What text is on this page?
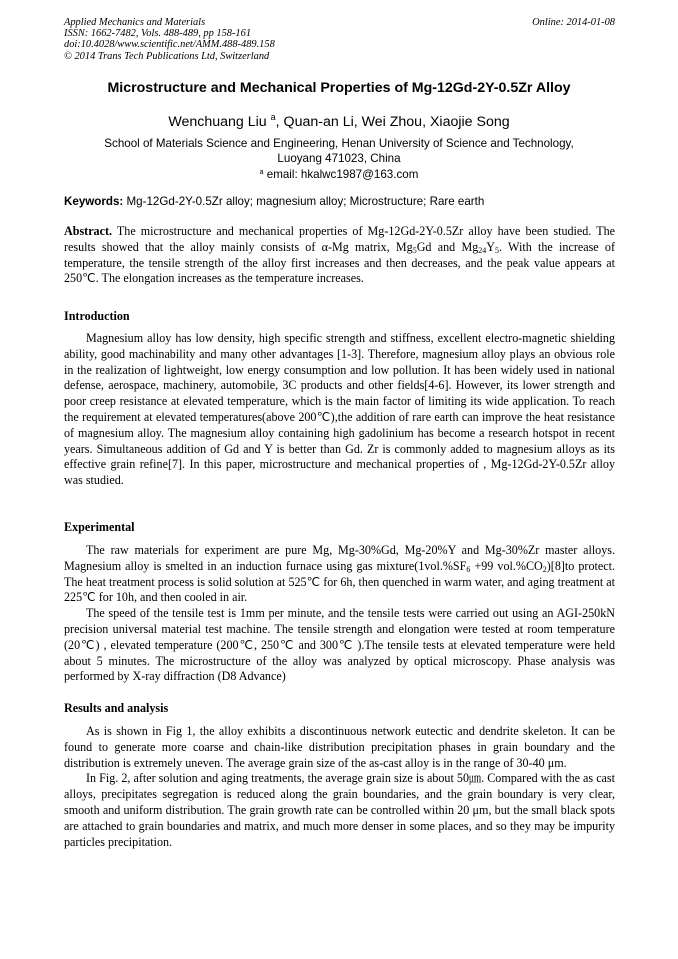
Applied Mechanics and Materials
ISSN: 1662-7482, Vols. 488-489, pp 158-161
doi:10.4028/www.scientific.net/AMM.488-489.158
© 2014 Trans Tech Publications Ltd, Switzerland
Online: 2014-01-08
Microstructure and Mechanical Properties of Mg-12Gd-2Y-0.5Zr Alloy
Wenchuang Liu $^a$, Quan-an Li, Wei Zhou, Xiaojie Song
School of Materials Science and Engineering, Henan University of Science and Technology,
Luoyang 471023, China
$^a$ email: hkalwc1987@163.com
Keywords: Mg-12Gd-2Y-0.5Zr alloy; magnesium alloy; Microstructure; Rare earth

Abstract. The microstructure and mechanical properties of Mg-12Gd-2Y-0.5Zr alloy have been studied. The results showed that the alloy mainly consists of α-Mg matrix, $Mg_5Gd$ and $Mg_{24}Y_5$. With the increase of temperature, the tensile strength of the alloy first increases and then decreases, and the peak value appears at 250℃. The elongation increases as the temperature increases.

Introduction

Magnesium alloy has low density, high specific strength and stiffness, excellent electro-magnetic shielding ability, good machinability and many other advantages [1-3]. Therefore, magnesium alloy plays an obvious role in the realization of lightweight, low energy consumption and low pollution. It has been widely used in national defense, aerospace, machinery, automobile, 3C products and other fields[4-6]. However, its lower strength and poor creep resistance at elevated temperature, which is the main factor of limiting its wide application. To reach the requirement at elevated temperatures(above 200℃),the addition of rare earth can improve the heat resistance of magnesium alloy. The magnesium alloy containing high gadolinium has become a research hotspot in recent years. Simultaneous addition of Gd and Y is better than Gd. Zr is commonly added to magnesium alloys as its effective grain refine[7]. In this paper, microstructure and mechanical properties of , Mg-12Gd-2Y-0.5Zr alloy was studied.

Experimental

The raw materials for experiment are pure Mg, Mg-30%Gd, Mg-20%Y and Mg-30%Zr master alloys. Magnesium alloy is smelted in an induction furnace using gas $mixture(1vol.\%SF_6 +99$ $vol.\%CO_2)[8]to$ protect. The heat treatment process is solid solution at 525℃ for 6h, then quenched in warm water, and aging treatment at 225℃ for 10h, and then cooled in air.

The speed of the tensile test is 1mm per minute, and the tensile tests were carried out using an AGI-250kN precision universal material test machine. The tensile strength and elongation were tested at room temperature (20℃) , elevated temperature (200℃, 250℃ and 300℃ ).The tensile tests at elevated temperature were held about 5 minutes. The microstructure of the alloy was analyzed by optical microscopy. Phase analysis was performed by X-ray diffraction (D8 Advance)

Results and analysis

As is shown in Fig 1, the alloy exhibits a discontinuous network eutectic and dendrite skeleton. It can be found to generate more coarse and chain-like distribution precipitation phases in grain boundary and the distribution is extremely uneven. The average grain size of the as-cast alloy is in the range of 30-40 μm.

In Fig. 2, after solution and aging treatments, the average grain size is about 50㎛. Compared with the as cast alloys, precipitates segregation is reduced along the grain boundaries, and the grain boundary is very clear, smooth and uniform distribution. The grain growth rate can be controlled within 20 μm, but the small black spots are attached to grain boundaries and matrix, and much more denser in some places, and so they may be impurity particles precipitation.
